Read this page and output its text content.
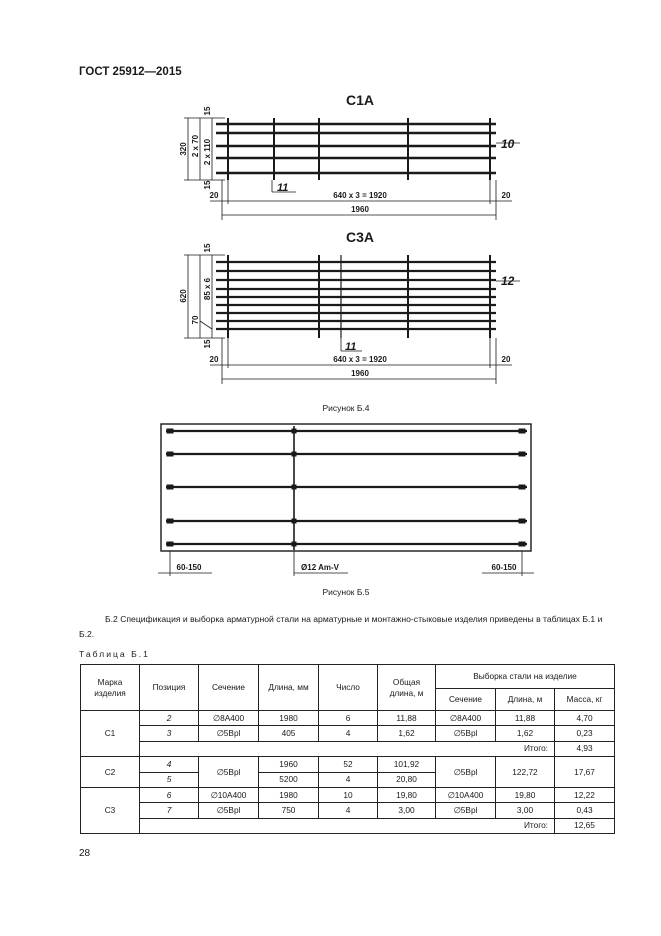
ГОСТ 25912—2015
С1А
10
11
640 x 3 = 1920
1960
20	20
320 2 x 70 2 x 110
15
15
С3А
12
11
640 x 3 = 1920
1960
20	20
620 85 x 6
70
15
15
Рисунок Б.4
60-150	Ø12 Am-V	60-150
Рисунок Б.5
Б.2 Спецификация и выборка арматурной стали на арматурные и монтажно-стыковые изделия приведены в таблицах Б.1 и Б.2.
Таблица Б.1
Марка изделия	Позиция	Сечение	Длина, мм	Число	Общая длина, м	Выборка стали на изделие		
						Сечение	Длина, м	Масса, кг
С1	2	∅8А400	1980	6	11,88	∅8А400	11,88	4,70
	3	∅5Вpl	405	4	1,62	∅5Вpl	1,62	0,23
	Итого:							4,93
С2	4	∅5Вpl	1960	52	101,92	∅5Вpl	122,72	17,67
	5		5200	4	20,80			
С3	6	∅10А400	1980	10	19,80	∅10А400	19,80	12,22
	7	∅5Вpl	750	4	3,00	∅5Вpl	3,00	0,43
	Итого:							12,65
28
